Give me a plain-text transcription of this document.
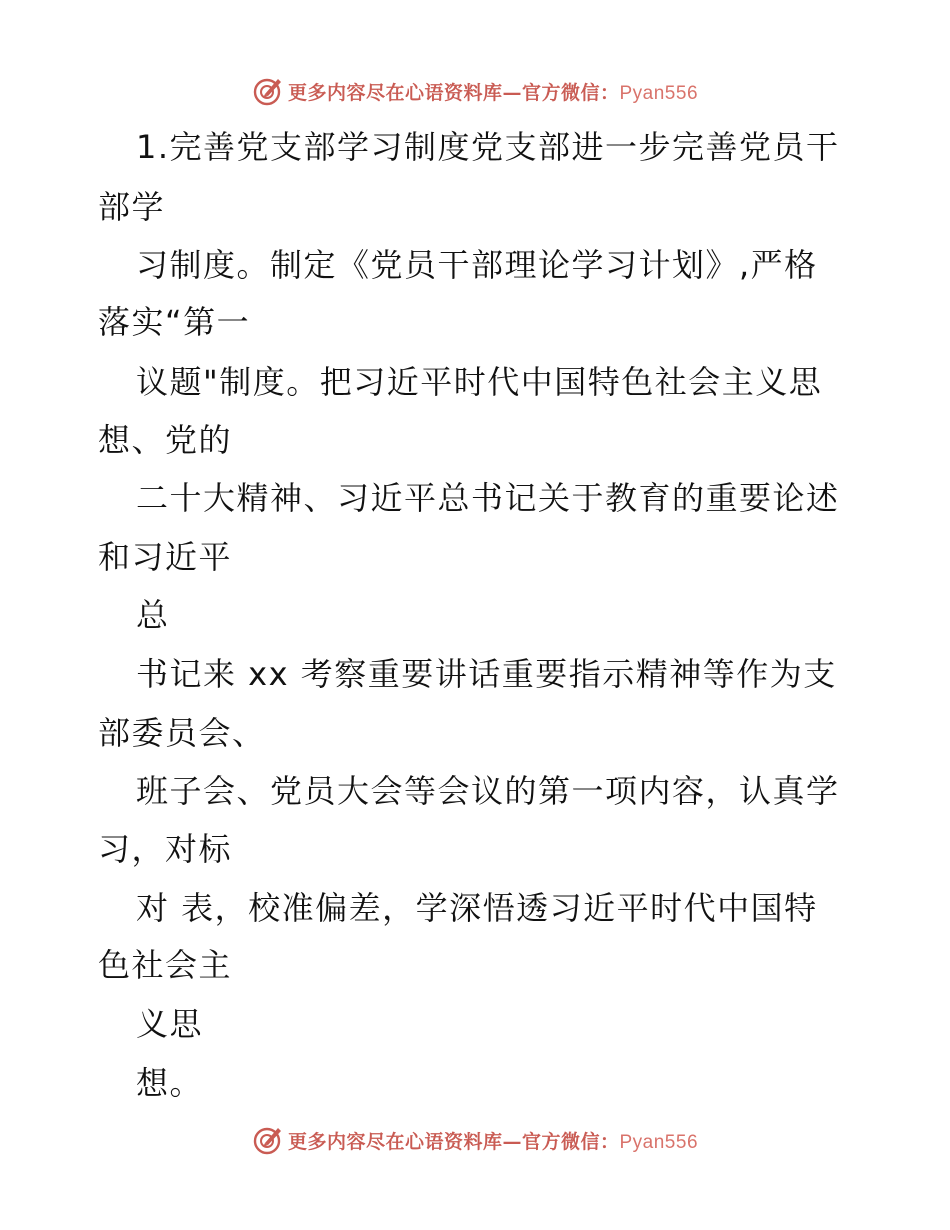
更多内容尽在心语资料库—官方微信：Pyan556

1.完善党支部学习制度党支部进一步完善党员干

部学

习制度。制定《党员干部理论学习计划》,严格

落实“第一

议题"制度。把习近平时代中国特色社会主义思

想、党的

二十大精神、习近平总书记关于教育的重要论述

和习近平

总

书记来 xx 考察重要讲话重要指示精神等作为支

部委员会、

班子会、党员大会等会议的第一项内容，认真学

习，对标

对 表，校准偏差，学深悟透习近平时代中国特

色社会主

义思

想。

更多内容尽在心语资料库—官方微信：Pyan556
